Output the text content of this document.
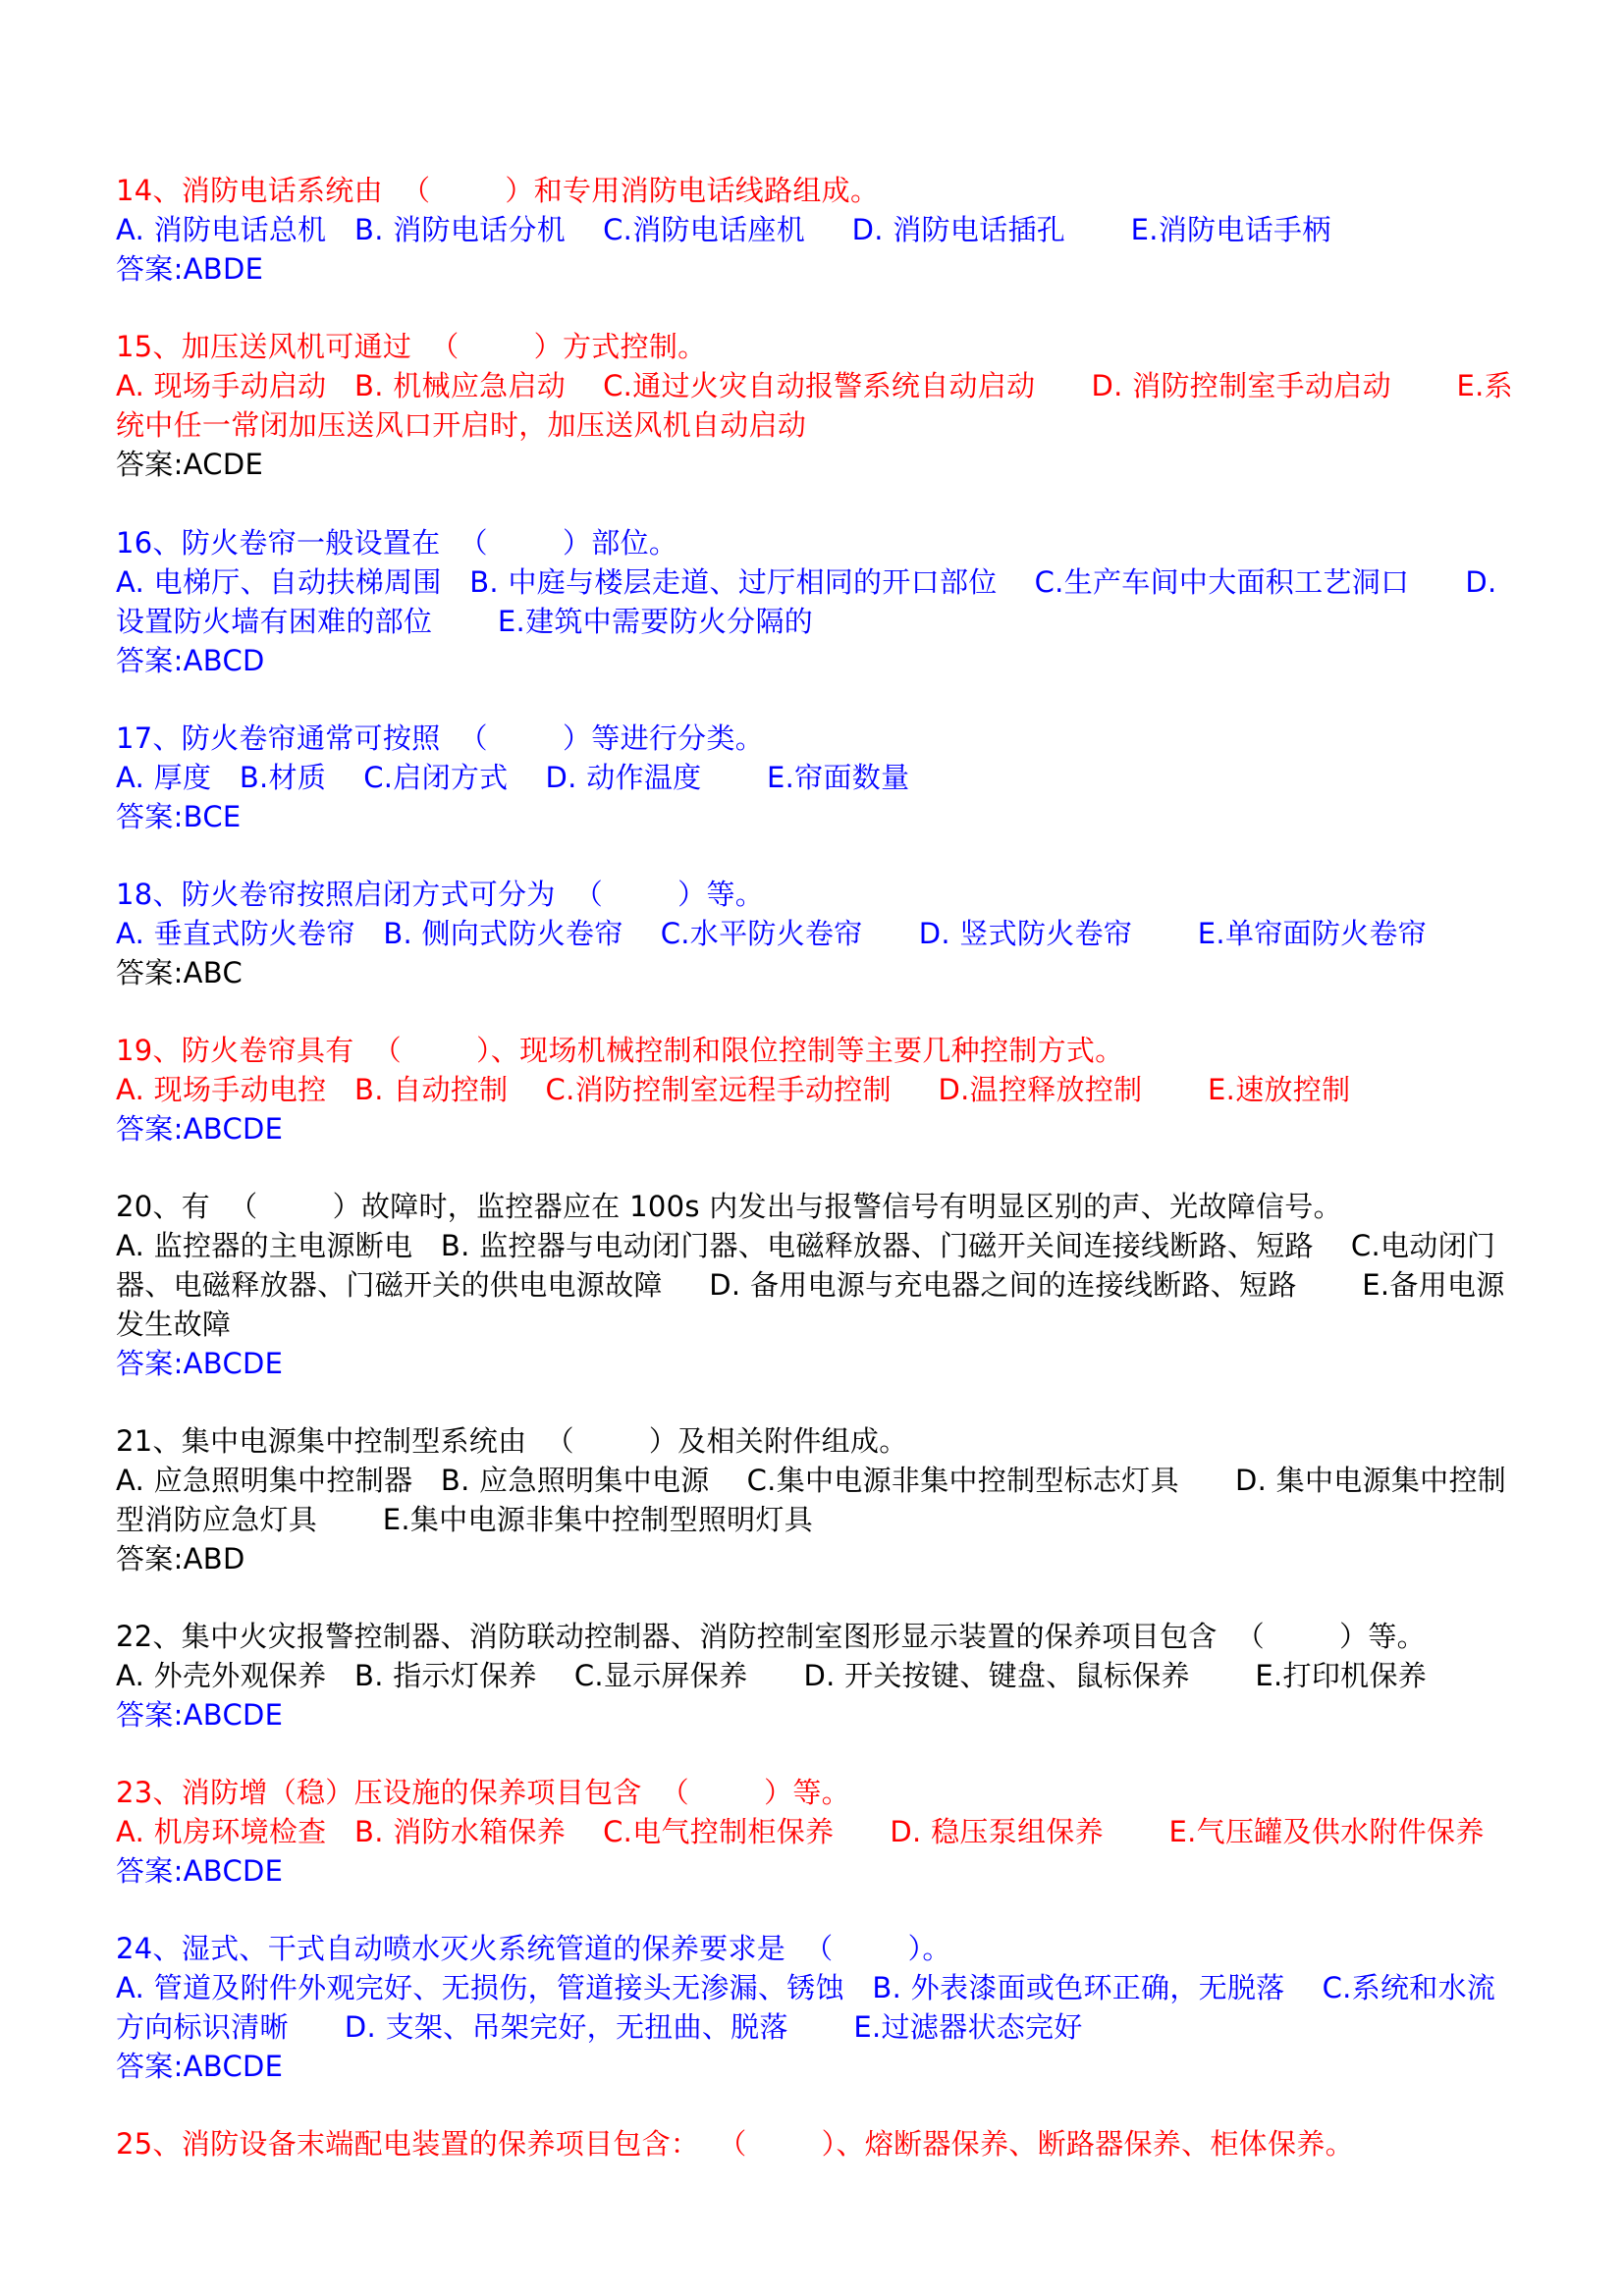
14、消防电话系统由  （        ）和专用消防电话线路组成。
A. 消防电话总机   B. 消防电话分机    C.消防电话座机     D. 消防电话插孔       E.消防电话手柄
答案:ABDE
15、加压送风机可通过  （        ）方式控制。
A. 现场手动启动   B. 机械应急启动    C.通过火灾自动报警系统自动启动      D. 消防控制室手动启动       E.系统中任一常闭加压送风口开启时，加压送风机自动启动
答案:ACDE
16、防火卷帘一般设置在  （        ）部位。
A. 电梯厅、自动扶梯周围   B. 中庭与楼层走道、过厅相同的开口部位    C.生产车间中大面积工艺洞口      D. 设置防火墙有困难的部位       E.建筑中需要防火分隔的
答案:ABCD
17、防火卷帘通常可按照  （        ）等进行分类。
A. 厚度   B.材质    C.启闭方式    D. 动作温度       E.帘面数量
答案:BCE
18、防火卷帘按照启闭方式可分为  （        ）等。
A. 垂直式防火卷帘   B. 侧向式防火卷帘    C.水平防火卷帘      D. 竖式防火卷帘       E.单帘面防火卷帘
答案:ABC
19、防火卷帘具有  （        ）、现场机械控制和限位控制等主要几种控制方式。
A. 现场手动电控   B. 自动控制    C.消防控制室远程手动控制     D.温控释放控制       E.速放控制
答案:ABCDE
20、有  （        ）故障时，监控器应在 100s 内发出与报警信号有明显区别的声、光故障信号。
A. 监控器的主电源断电   B. 监控器与电动闭门器、电磁释放器、门磁开关间连接线断路、短路    C.电动闭门器、电磁释放器、门磁开关的供电电源故障     D. 备用电源与充电器之间的连接线断路、短路       E.备用电源发生故障
答案:ABCDE
21、集中电源集中控制型系统由  （        ）及相关附件组成。
A. 应急照明集中控制器   B. 应急照明集中电源    C.集中电源非集中控制型标志灯具      D. 集中电源集中控制型消防应急灯具       E.集中电源非集中控制型照明灯具
答案:ABD
22、集中火灾报警控制器、消防联动控制器、消防控制室图形显示装置的保养项目包含  （        ）等。
A. 外壳外观保养   B. 指示灯保养    C.显示屏保养      D. 开关按键、键盘、鼠标保养       E.打印机保养
答案:ABCDE
23、消防增（稳）压设施的保养项目包含  （        ）等。
A. 机房环境检查   B. 消防水箱保养    C.电气控制柜保养      D. 稳压泵组保养       E.气压罐及供水附件保养
答案:ABCDE
24、湿式、干式自动喷水灭火系统管道的保养要求是  （        ）。
A. 管道及附件外观完好、无损伤，管道接头无渗漏、锈蚀   B. 外表漆面或色环正确，无脱落    C.系统和水流方向标识清晰      D. 支架、吊架完好，无扭曲、脱落       E.过滤器状态完好
答案:ABCDE
25、消防设备末端配电装置的保养项目包含：  （        ）、熔断器保养、断路器保养、柜体保养。
